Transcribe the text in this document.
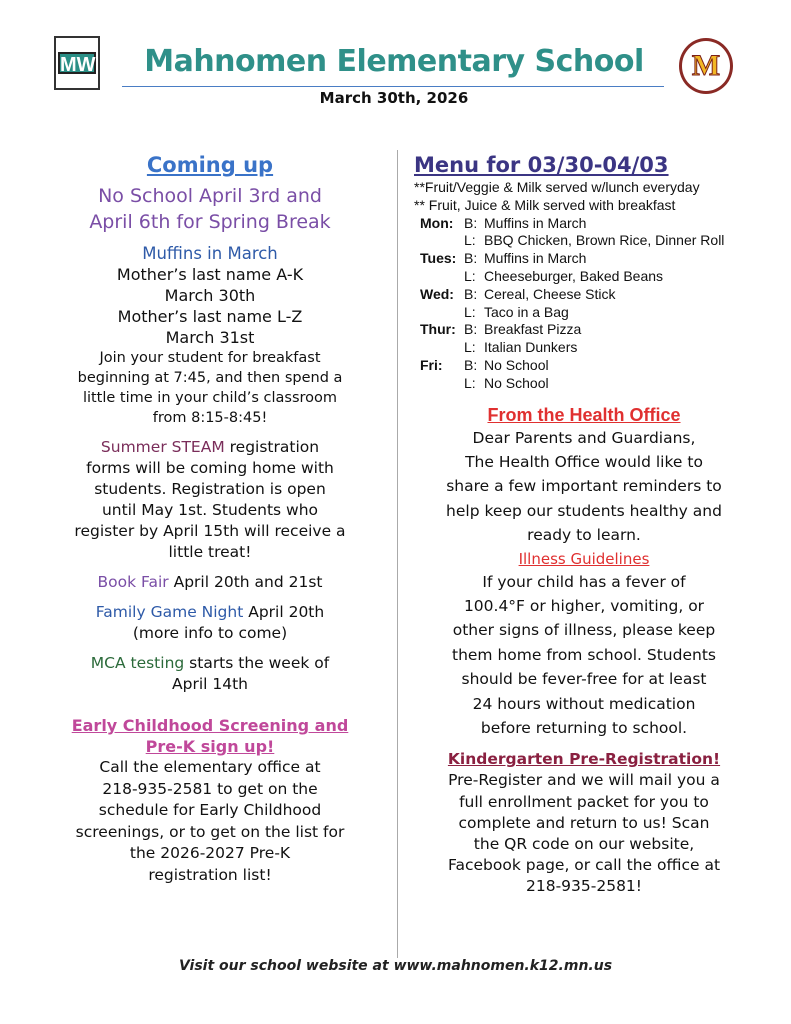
MW	Mahnomen Elementary School
March 30th, 2026
M
Coming up
No School April 3rd and
April 6th for Spring Break
Muffins in March
Mother’s last name A-K
March 30th
Mother’s last name L-Z
March 31st
Join your student for breakfast
beginning at 7:45, and then spend a
little time in your child’s classroom
from 8:15-8:45!
Summer STEAM registration
forms will be coming home with
students. Registration is open
until May 1st. Students who
register by April 15th will receive a
little treat!
Book Fair April 20th and 21st
Family Game Night April 20th
(more info to come)
MCA testing starts the week of
April 14th
Early Childhood Screening and
Pre-K sign up!
Call the elementary office at
218-935-2581 to get on the
schedule for Early Childhood
screenings, or to get on the list for
the 2026-2027 Pre-K
registration list!
Menu for 03/30-04/03
**Fruit/Veggie & Milk served w/lunch everyday
** Fruit, Juice & Milk served with breakfast
Mon: B: Muffins in March
L: BBQ Chicken, Brown Rice, Dinner Roll
Tues: B: Muffins in March
L: Cheeseburger, Baked Beans
Wed: B: Cereal, Cheese Stick
L: Taco in a Bag
Thur: B: Breakfast Pizza
L: Italian Dunkers
Fri:	B: No School
L: No School
From the Health Office
Dear Parents and Guardians,
The Health Office would like to
share a few important reminders to
help keep our students healthy and
ready to learn.
Illness Guidelines
If your child has a fever of
100.4°F or higher, vomiting, or
other signs of illness, please keep
them home from school. Students
should be fever-free for at least
24 hours without medication
before returning to school.
Kindergarten Pre-Registration!
Pre-Register and we will mail you a
full enrollment packet for you to
complete and return to us! Scan
the QR code on our website,
Facebook page, or call the office at
218-935-2581!
Visit our school website at www.mahnomen.k12.mn.us
